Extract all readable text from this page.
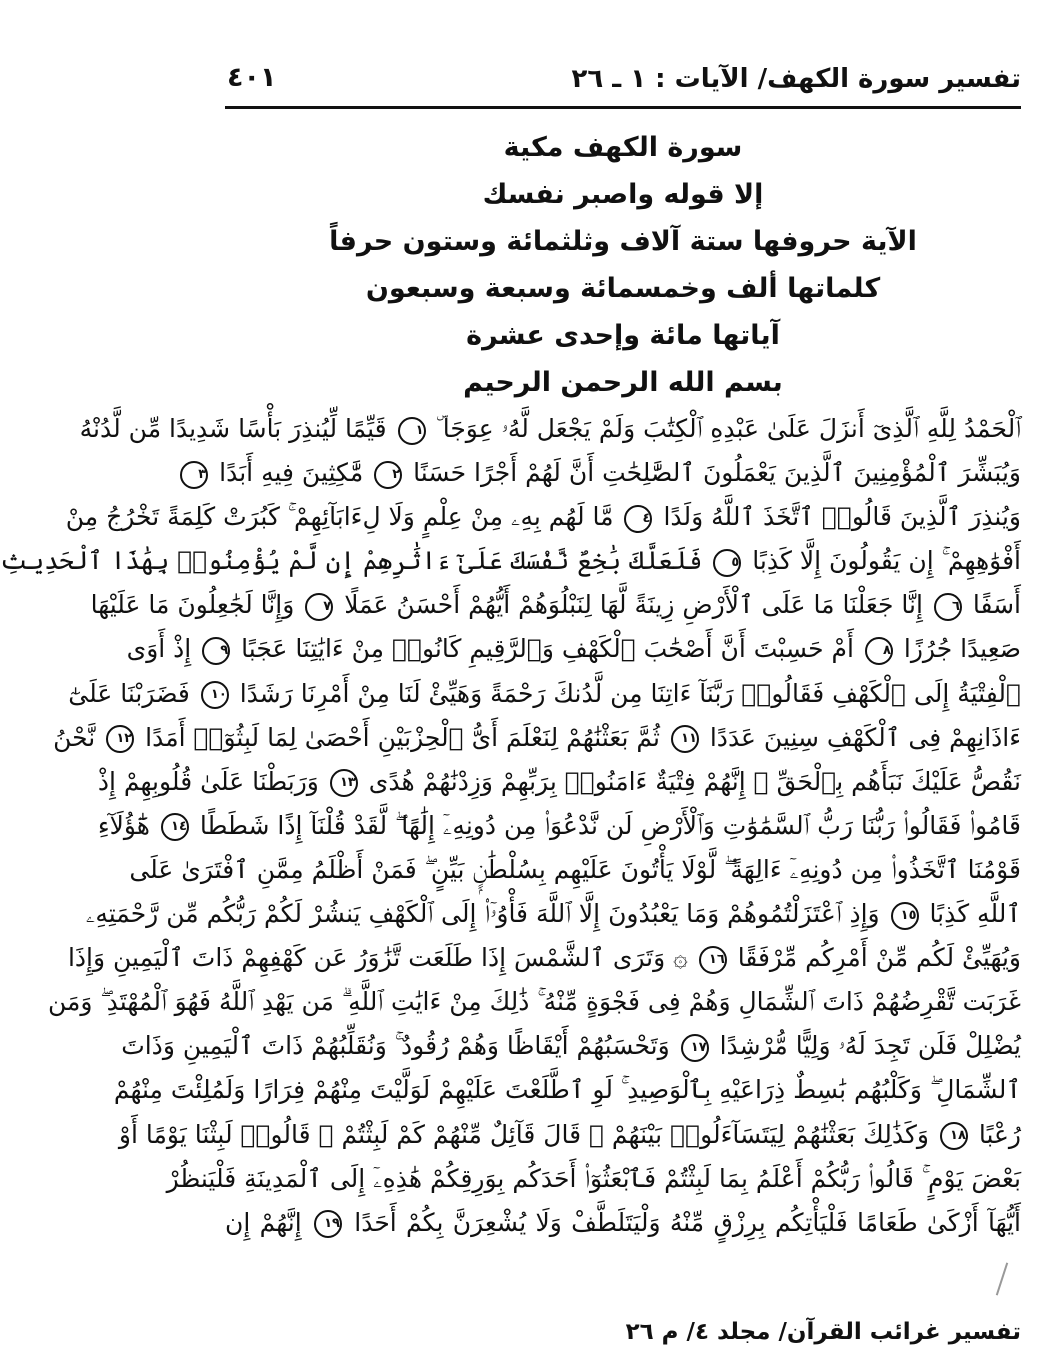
تفسير سورة الكهف/ الآيات : ١ ـ ٢٦
٤٠١
سورة الكهف مكية
إلا قوله واصبر نفسك
الآية حروفها ستة آلاف وثلثمائة وستون حرفاً
كلماتها ألف وخمسمائة وسبعة وسبعون
آياتها مائة وإحدى عشرة
بسم الله الرحمن الرحيم
ٱلْحَمْدُ لِلَّهِ ٱلَّذِىٓ أَنزَلَ عَلَىٰ عَبْدِهِ ٱلْكِتَٰبَ وَلَمْ يَجْعَل لَّهُۥ عِوَجَا ۜ ١ قَيِّمًا لِّيُنذِرَ بَأْسًا شَدِيدًا مِّن لَّدُنْهُ
وَيُبَشِّرَ ٱلْمُؤْمِنِينَ ٱلَّذِينَ يَعْمَلُونَ ٱلصَّٰلِحَٰتِ أَنَّ لَهُمْ أَجْرًا حَسَنًا ٢ مَّٰكِثِينَ فِيهِ أَبَدًا ٣
وَيُنذِرَ ٱلَّذِينَ قَالُوا۟ ٱتَّخَذَ ٱللَّهُ وَلَدًا ٤ مَّا لَهُم بِهِۦ مِنْ عِلْمٍ وَلَا لِءَابَآئِهِمْ ۚ كَبُرَتْ كَلِمَةً تَخْرُجُ مِنْ
أَفْوَٰهِهِمْ ۚ إِن يَقُولُونَ إِلَّا كَذِبًا ٥ فَلَعَلَّكَ بَٰخِعٌ نَّفْسَكَ عَلَىٰٓ ءَاثَٰرِهِمْ إِن لَّمْ يُؤْمِنُوا۟ بِهَٰذَا ٱلْحَدِيثِ
أَسَفًا ٦ إِنَّا جَعَلْنَا مَا عَلَى ٱلْأَرْضِ زِينَةً لَّهَا لِنَبْلُوَهُمْ أَيُّهُمْ أَحْسَنُ عَمَلًا ٧ وَإِنَّا لَجَٰعِلُونَ مَا عَلَيْهَا
صَعِيدًا جُرُزًا ٨ أَمْ حَسِبْتَ أَنَّ أَصْحَٰبَ ٱلْكَهْفِ وَٱلرَّقِيمِ كَانُوا۟ مِنْ ءَايَٰتِنَا عَجَبًا ٩ إِذْ أَوَى
ٱلْفِتْيَةُ إِلَى ٱلْكَهْفِ فَقَالُوا۟ رَبَّنَآ ءَاتِنَا مِن لَّدُنكَ رَحْمَةً وَهَيِّئْ لَنَا مِنْ أَمْرِنَا رَشَدًا ١٠ فَضَرَبْنَا عَلَىٰٓ
ءَاذَانِهِمْ فِى ٱلْكَهْفِ سِنِينَ عَدَدًا ١١ ثُمَّ بَعَثْنَٰهُمْ لِنَعْلَمَ أَىُّ ٱلْحِزْبَيْنِ أَحْصَىٰ لِمَا لَبِثُوٓا۟ أَمَدًا ١٢ نَّحْنُ
نَقُصُّ عَلَيْكَ نَبَأَهُم بِٱلْحَقِّ ۚ إِنَّهُمْ فِتْيَةٌ ءَامَنُوا۟ بِرَبِّهِمْ وَزِدْنَٰهُمْ هُدًى ١٣ وَرَبَطْنَا عَلَىٰ قُلُوبِهِمْ إِذْ
قَامُوا۟ فَقَالُوا۟ رَبُّنَا رَبُّ ٱلسَّمَٰوَٰتِ وَٱلْأَرْضِ لَن نَّدْعُوَا۟ مِن دُونِهِۦٓ إِلَٰهًا ۖ لَّقَدْ قُلْنَآ إِذًا شَطَطًا ١٤ هَٰٓؤُلَآءِ
قَوْمُنَا ٱتَّخَذُوا۟ مِن دُونِهِۦٓ ءَالِهَةً ۖ لَّوْلَا يَأْتُونَ عَلَيْهِم بِسُلْطَٰنٍۭ بَيِّنٍ ۖ فَمَنْ أَظْلَمُ مِمَّنِ ٱفْتَرَىٰ عَلَى
ٱللَّهِ كَذِبًا ١٥ وَإِذِ ٱعْتَزَلْتُمُوهُمْ وَمَا يَعْبُدُونَ إِلَّا ٱللَّهَ فَأْوُۥٓا۟ إِلَى ٱلْكَهْفِ يَنشُرْ لَكُمْ رَبُّكُم مِّن رَّحْمَتِهِۦ
وَيُهَيِّئْ لَكُم مِّنْ أَمْرِكُم مِّرْفَقًا ١٦ ۞ وَتَرَى ٱلشَّمْسَ إِذَا طَلَعَت تَّزَٰوَرُ عَن كَهْفِهِمْ ذَاتَ ٱلْيَمِينِ وَإِذَا
غَرَبَت تَّقْرِضُهُمْ ذَاتَ ٱلشِّمَالِ وَهُمْ فِى فَجْوَةٍ مِّنْهُ ۚ ذَٰلِكَ مِنْ ءَايَٰتِ ٱللَّهِ ۗ مَن يَهْدِ ٱللَّهُ فَهُوَ ٱلْمُهْتَدِ ۖ وَمَن
يُضْلِلْ فَلَن تَجِدَ لَهُۥ وَلِيًّا مُّرْشِدًا ١٧ وَتَحْسَبُهُمْ أَيْقَاظًا وَهُمْ رُقُودٌ ۚ وَنُقَلِّبُهُمْ ذَاتَ ٱلْيَمِينِ وَذَاتَ
ٱلشِّمَالِ ۖ وَكَلْبُهُم بَٰسِطٌ ذِرَاعَيْهِ بِٱلْوَصِيدِ ۚ لَوِ ٱطَّلَعْتَ عَلَيْهِمْ لَوَلَّيْتَ مِنْهُمْ فِرَارًا وَلَمُلِئْتَ مِنْهُمْ
رُعْبًا ١٨ وَكَذَٰلِكَ بَعَثْنَٰهُمْ لِيَتَسَآءَلُوا۟ بَيْنَهُمْ ۚ قَالَ قَآئِلٌ مِّنْهُمْ كَمْ لَبِثْتُمْ ۖ قَالُوا۟ لَبِثْنَا يَوْمًا أَوْ
بَعْضَ يَوْمٍ ۚ قَالُوا۟ رَبُّكُمْ أَعْلَمُ بِمَا لَبِثْتُمْ فَٱبْعَثُوٓا۟ أَحَدَكُم بِوَرِقِكُمْ هَٰذِهِۦٓ إِلَى ٱلْمَدِينَةِ فَلْيَنظُرْ
أَيُّهَآ أَزْكَىٰ طَعَامًا فَلْيَأْتِكُم بِرِزْقٍ مِّنْهُ وَلْيَتَلَطَّفْ وَلَا يُشْعِرَنَّ بِكُمْ أَحَدًا ١٩ إِنَّهُمْ إِن
تفسير غرائب القرآن/ مجلد ٤/ م ٢٦
